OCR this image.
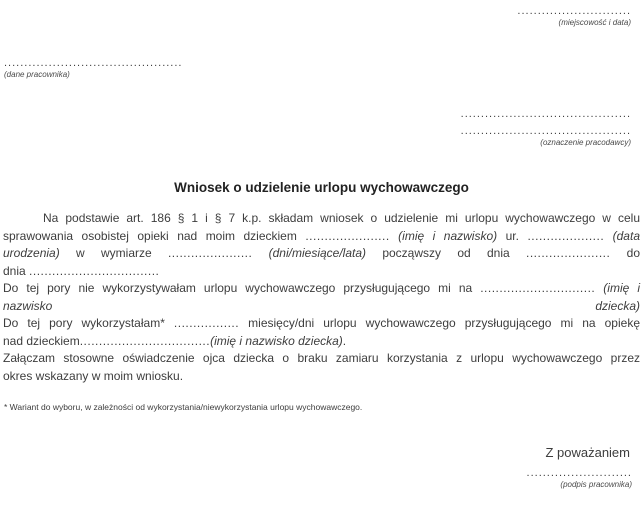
............................
(miejscowość i data)
............................................
(dane pracownika)
..........................................
..........................................
(oznaczenie pracodawcy)
Wniosek o udzielenie urlopu wychowawczego
Na podstawie art. 186 § 1 i § 7 k.p. składam wniosek o udzielenie mi urlopu wychowawczego w celu
sprawowania osobistej opieki nad moim dzieckiem ...................... (imię i nazwisko) ur. .................... (data
urodzenia) w wymiarze ...................... (dni/miesiące/lata) począwszy od dnia ...................... do
dnia ..................................
Do tej pory nie wykorzystywałam urlopu wychowawczego przysługującego mi na .............................. (imię i
nazwisko	dziecka)
Do tej pory wykorzystałam* ................. miesięcy/dni urlopu wychowawczego przysługującego mi na opiekę
nad dzieckiem..................................(imię i nazwisko dziecka).
Załączam stosowne oświadczenie ojca dziecka o braku zamiaru korzystania z urlopu wychowawczego przez
okres wskazany w moim wniosku.
* Wariant do wyboru, w zależności od wykorzystania/niewykorzystania urlopu wychowawczego.
Z poważaniem
..........................
(podpis pracownika)
